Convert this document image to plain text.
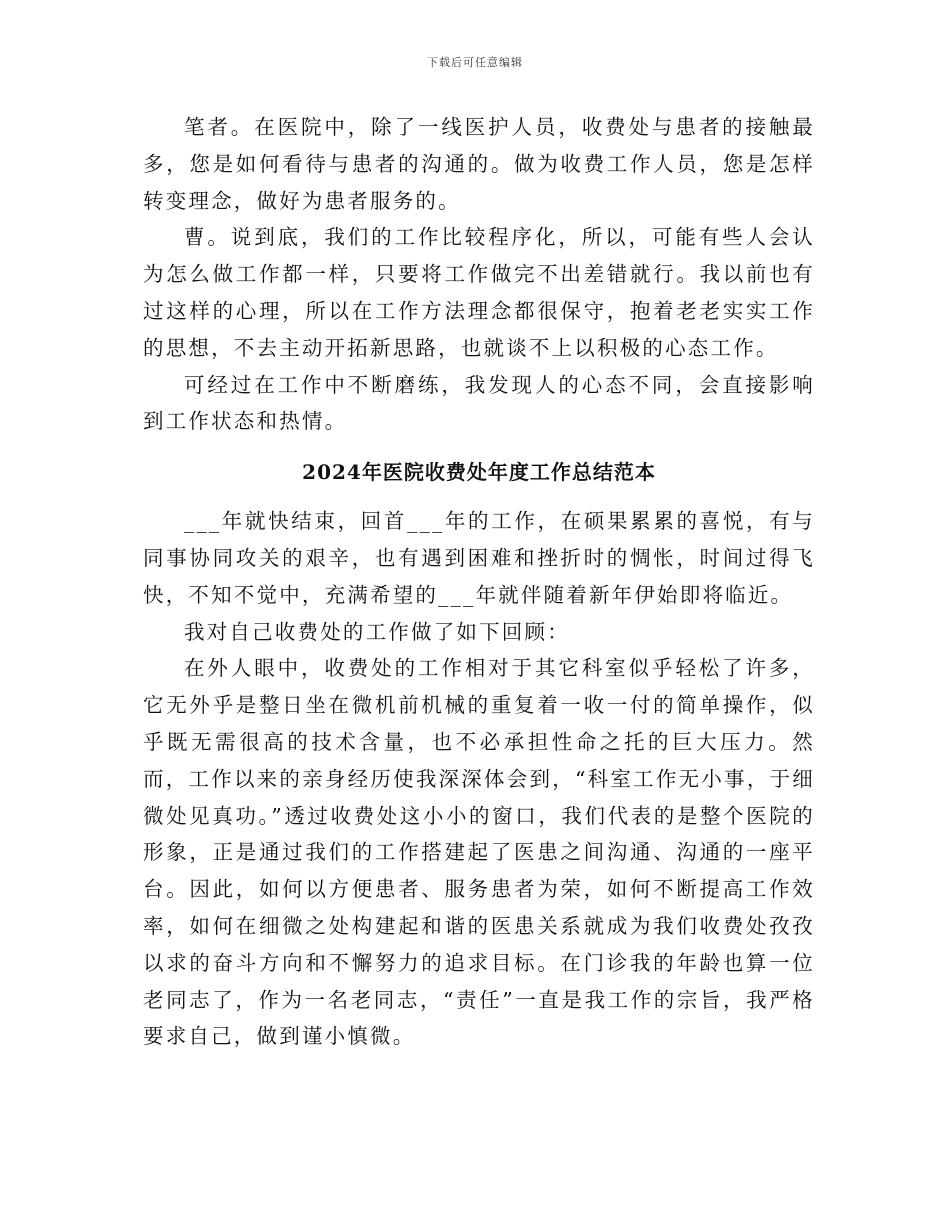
下载后可任意编辑

笔者。在医院中，除了一线医护人员，收费处与患者的接触最多，您是如何看待与患者的沟通的。做为收费工作人员，您是怎样转变理念，做好为患者服务的。

曹。说到底，我们的工作比较程序化，所以，可能有些人会认为怎么做工作都一样，只要将工作做完不出差错就行。我以前也有过这样的心理，所以在工作方法理念都很保守，抱着老老实实工作的思想，不去主动开拓新思路，也就谈不上以积极的心态工作。

可经过在工作中不断磨练，我发现人的心态不同，会直接影响到工作状态和热情。

2024年医院收费处年度工作总结范本

___年就快结束，回首___年的工作，在硕果累累的喜悦，有与同事协同攻关的艰辛，也有遇到困难和挫折时的惆怅，时间过得飞快，不知不觉中，充满希望的___年就伴随着新年伊始即将临近。

我对自己收费处的工作做了如下回顾：

在外人眼中，收费处的工作相对于其它科室似乎轻松了许多，它无外乎是整日坐在微机前机械的重复着一收一付的简单操作，似乎既无需很高的技术含量，也不必承担性命之托的巨大压力。然而，工作以来的亲身经历使我深深体会到，“科室工作无小事，于细微处见真功。”透过收费处这小小的窗口，我们代表的是整个医院的形象，正是通过我们的工作搭建起了医患之间沟通、沟通的一座平台。因此，如何以方便患者、服务患者为荣，如何不断提高工作效率，如何在细微之处构建起和谐的医患关系就成为我们收费处孜孜以求的奋斗方向和不懈努力的追求目标。在门诊我的年龄也算一位老同志了，作为一名老同志，“责任”一直是我工作的宗旨，我严格要求自己，做到谨小慎微。
